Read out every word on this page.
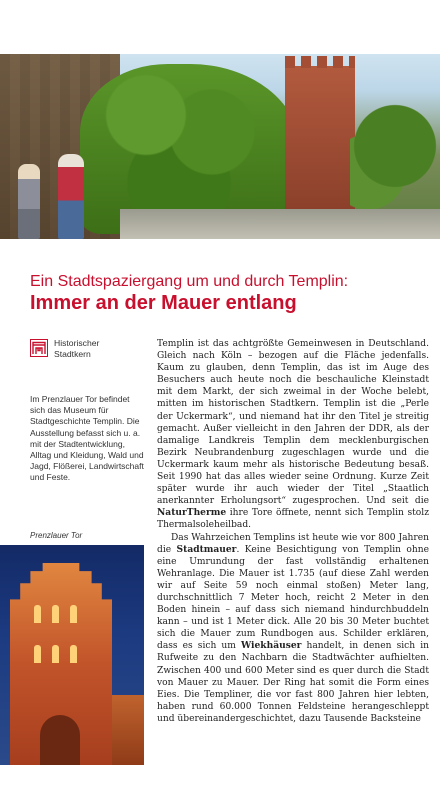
Ein Stadtspaziergang um und durch Templin:
Immer an der Mauer entlang
Historischer
Stadtkern
Im Prenzlauer Tor befindet sich das Museum für Stadtgeschichte Templin. Die Ausstellung befasst sich u. a. mit der Stadtentwicklung, Alltag und Kleidung, Wald und Jagd, Flößerei, Landwirtschaft und Feste.
Prenzlauer Tor

Templin ist das achtgrößte Gemeinwesen in Deutschland. Gleich nach Köln – bezogen auf die Fläche jedenfalls. Kaum zu glauben, denn Templin, das ist im Auge des Besuchers auch heute noch die beschauliche Kleinstadt mit dem Markt, der sich zweimal in der Woche belebt, mitten im historischen Stadtkern. Templin ist die „Perle der Uckermark“, und niemand hat ihr den Titel je streitig gemacht. Außer vielleicht in den Jahren der DDR, als der damalige Landkreis Templin dem mecklenburgischen Bezirk Neubrandenburg zugeschlagen wurde und die Uckermark kaum mehr als historische Bedeutung besaß. Seit 1990 hat das alles wieder seine Ordnung. Kurze Zeit später wurde ihr auch wieder der Titel „Staatlich anerkannter Erholungsort“ zugesprochen. Und seit die NaturTherme ihre Tore öffnete, nennt sich Templin stolz Thermalsoleheilbad.

Das Wahrzeichen Templins ist heute wie vor 800 Jahren die Stadtmauer. Keine Besichtigung von Templin ohne eine Umrundung der fast vollständig erhaltenen Wehranlage. Die Mauer ist 1.735 (auf diese Zahl werden wir auf Seite 59 noch einmal stoßen) Meter lang, durchschnittlich 7 Meter hoch, reicht 2 Meter in den Boden hinein – auf dass sich niemand hindurchbuddeln kann – und ist 1 Meter dick. Alle 20 bis 30 Meter buchtet sich die Mauer zum Rundbogen aus. Schilder erklären, dass es sich um Wiekhäuser handelt, in denen sich in Rufweite zu den Nachbarn die Stadtwächter aufhielten. Zwischen 400 und 600 Meter sind es quer durch die Stadt von Mauer zu Mauer. Der Ring hat somit die Form eines Eies. Die Templiner, die vor fast 800 Jahren hier lebten, haben rund 60.000 Tonnen Feldsteine herangeschleppt und übereinandergeschichtet, dazu Tausende Backsteine
